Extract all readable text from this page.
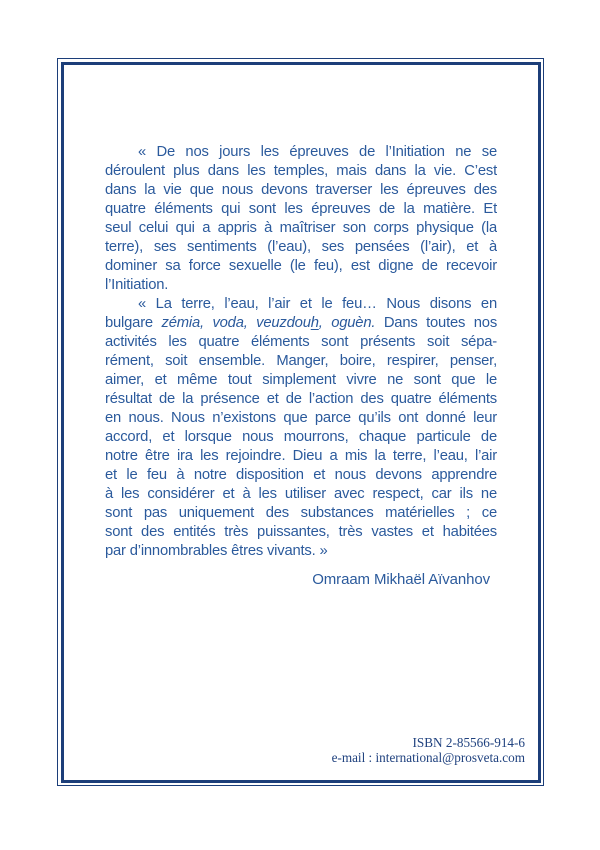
« De nos jours les épreuves de l’Initiation ne se
déroulent plus dans les temples, mais dans la vie. C’est
dans la vie que nous devons traverser les épreuves des
quatre éléments qui sont les épreuves de la matière. Et
seul celui qui a appris à maîtriser son corps physique (la
terre), ses sentiments (l’eau), ses pensées (l’air), et à
dominer sa force sexuelle (le feu), est digne de recevoir
l’Initiation.
« La terre, l’eau, l’air et le feu… Nous disons en
bulgare zémia, voda, veuzdouh, oguèn. Dans toutes nos
activités les quatre éléments sont présents soit sépa-
rément, soit ensemble. Manger, boire, respirer, penser,
aimer, et même tout simplement vivre ne sont que le
résultat de la présence et de l’action des quatre éléments
en nous. Nous n’existons que parce qu’ils ont donné leur
accord, et lorsque nous mourrons, chaque particule de
notre être ira les rejoindre. Dieu a mis la terre, l’eau, l’air
et le feu à notre disposition et nous devons apprendre
à les considérer et à les utiliser avec respect, car ils ne
sont pas uniquement des substances matérielles ; ce
sont des entités très puissantes, très vastes et habitées
par d’innombrables êtres vivants. »
Omraam Mikhaël Aïvanhov
ISBN 2-85566-914-6
e-mail : international@prosveta.com
